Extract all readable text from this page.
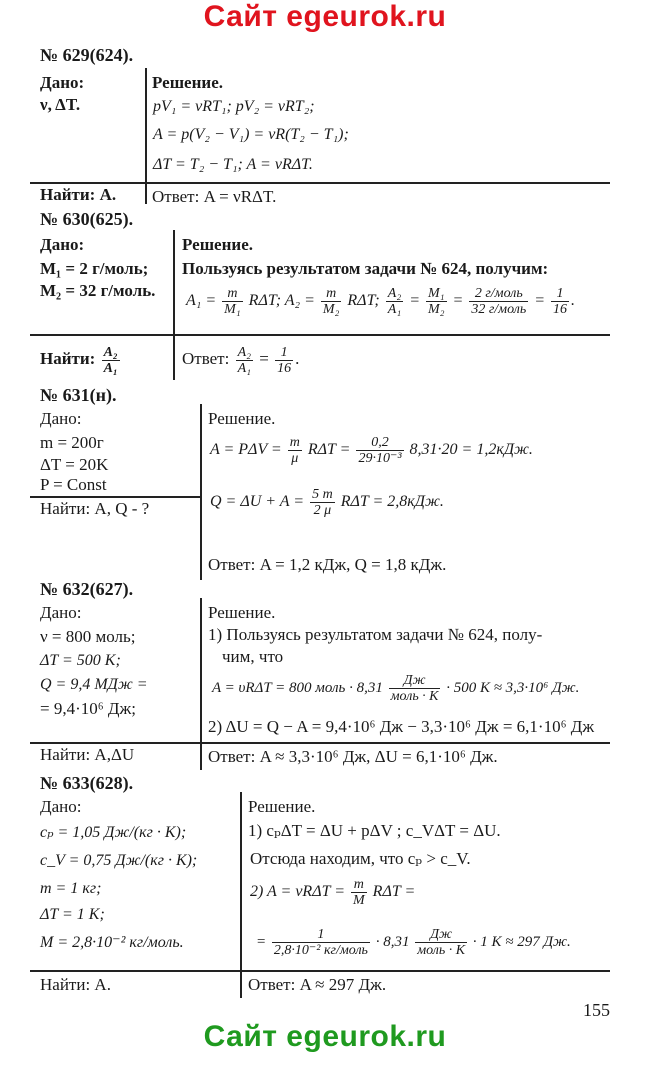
Сайт egeurok.ru
№ 629(624).
Дано:
ν, ΔT.
Решение.
pV₁ = νRT₁; pV₂ = νRT₂;
A = p(V₂ − V₁) = νR(T₂ − T₁);
ΔT = T₂ − T₁; A = νRΔT.
Найти: A. Ответ: A = νRΔT.
№ 630(625).
Дано:
M₁ = 2 г/моль;
M₂ = 32 г/моль.
Решение.
Пользуясь результатом задачи № 624, получим:
$A_1 = \frac{m}{\text{M₁}} R\Delta T$; $A_2 = \frac{m}{\text{M₂}} R\Delta T$; $\frac{\text{A₂}}{\text{A₁}} = \frac{\text{M₁}}{\text{M₂}} = \frac{\text{2 г/моль}}{\text{32 г/моль}} = \frac{1}{16}$ .
Найти: $\frac{\text{A₂}}{\text{A₁}}$	Ответ: $\frac{\text{A₂}}{\text{A₁}} = \frac{1}{16}$ .
№ 631(н).
Дано:
m = 200г
ΔT = 20K
P = Const
Найти: A, Q - ?
Решение.
$A = P\Delta V = \frac{m}{\mu}$ $R\Delta T = \frac{0,2}{\text{29·10⁻³}} 8,31\cdot 20 = 1,2кДж$.
$Q = \Delta U + A = \frac{5 m}{2 \mu}$ RΔT = 2,8кДж.
Ответ: A = 1,2 кДж, Q = 1,8 кДж.
№ 632(627).
Дано:
ν = 800 моль;
ΔT = 500 K;
Q = 9,4 МДж =
= 9,4·10⁶ Дж;
Решение.
1) Пользуясь результатом задачи № 624, полу-
чим, что
A = υRΔT = 800 моль · $8,31 \frac{Дж}{\text{моль · К}} \cdot 500$ К ≈ 3,3·10⁶ Дж.
2) ΔU = Q − A = 9,4·10⁶ Дж − 3,3·10⁶ Дж = 6,1·10⁶ Дж
Найти: A,ΔU	Ответ: A ≈ 3,3·10⁶ Дж, ΔU = 6,1·10⁶ Дж.
№ 633(628).
Дано:
cₚ = 1,05 Дж/(кг · К);
c_V = 0,75 Дж/(кг · К);
m = 1 кг;
ΔT = 1 K;
M = 2,8·10⁻² кг/моль.
Решение.
1) cₚΔT = ΔU + pΔV ; c_VΔT = ΔU.
Отсюда находим, что cₚ > c_V.
2) $A = \nu R\Delta T = \frac{m}{M}$ RΔT =
= $\frac{1}{\text{2,8·10⁻² кг/моль}} \cdot 8,31 \frac{Дж}{\text{моль · К}} \cdot 1$ К ≈ 297 Дж.
Найти: A.	Ответ: A ≈ 297 Дж.
155
Сайт egeurok.ru
